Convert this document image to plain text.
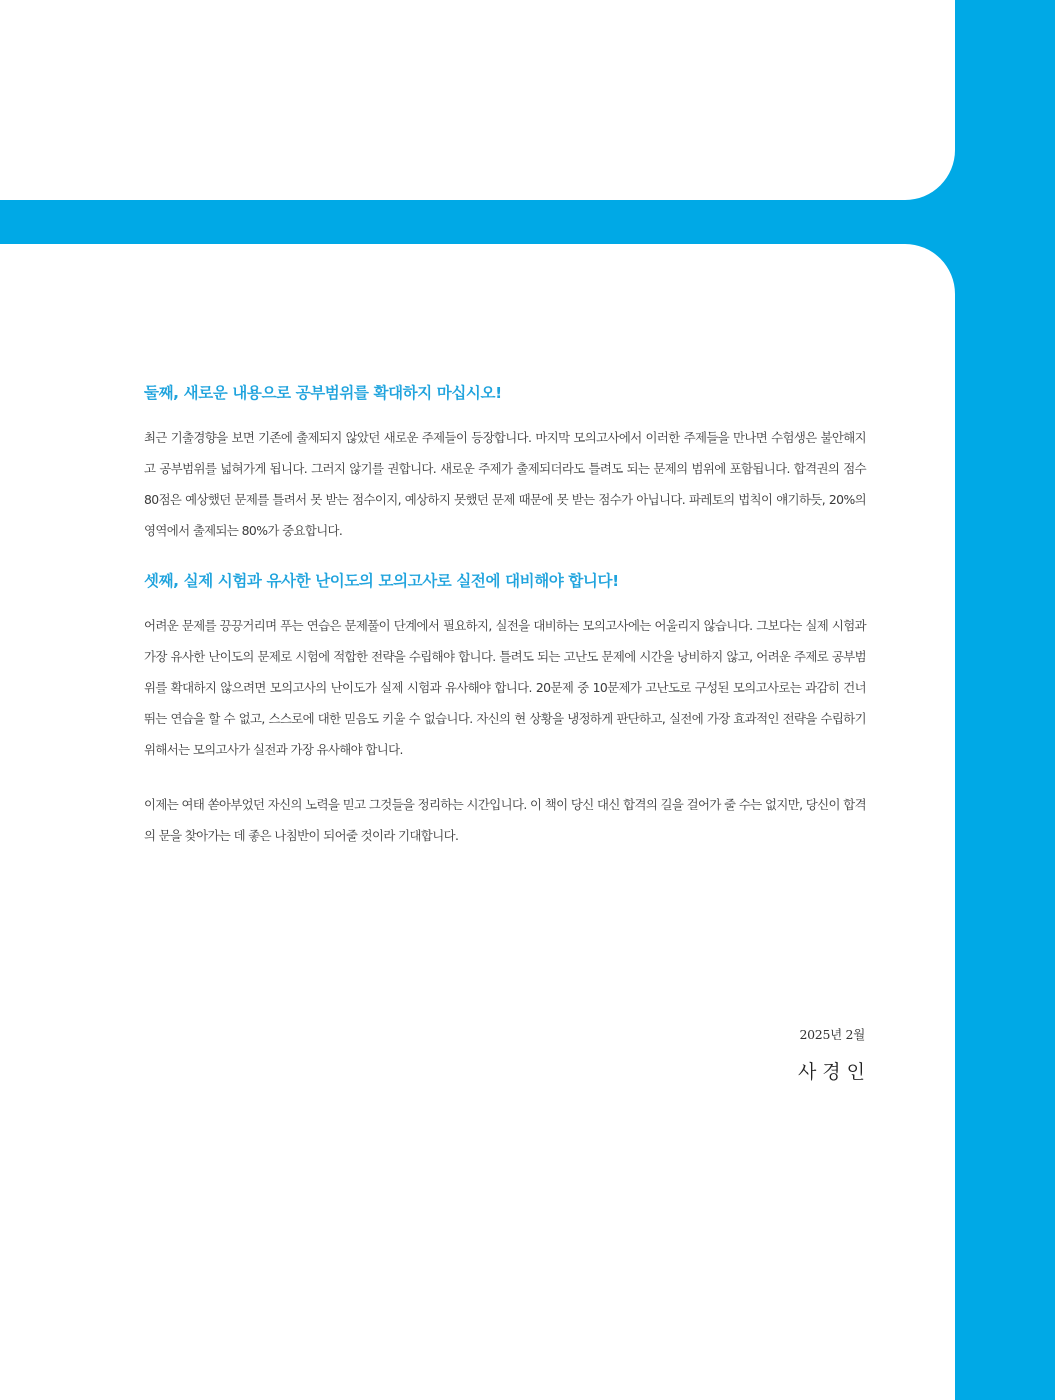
둘째, 새로운 내용으로 공부범위를 확대하지 마십시오!

최근 기출경향을 보면 기존에 출제되지 않았던 새로운 주제들이 등장합니다. 마지막 모의고사에서 이러한 주제들을 만나면 수험생은 불안해지고 공부범위를 넓혀가게 됩니다. 그러지 않기를 권합니다. 새로운 주제가 출제되더라도 틀려도 되는 문제의 범위에 포함됩니다. 합격권의 점수 80점은 예상했던 문제를 틀려서 못 받는 점수이지, 예상하지 못했던 문제 때문에 못 받는 점수가 아닙니다. 파레토의 법칙이 얘기하듯, 20%의 영역에서 출제되는 80%가 중요합니다.

셋째, 실제 시험과 유사한 난이도의 모의고사로 실전에 대비해야 합니다!

어려운 문제를 끙끙거리며 푸는 연습은 문제풀이 단계에서 필요하지, 실전을 대비하는 모의고사에는 어울리지 않습니다. 그보다는 실제 시험과 가장 유사한 난이도의 문제로 시험에 적합한 전략을 수립해야 합니다. 틀려도 되는 고난도 문제에 시간을 낭비하지 않고, 어려운 주제로 공부범위를 확대하지 않으려면 모의고사의 난이도가 실제 시험과 유사해야 합니다. 20문제 중 10문제가 고난도로 구성된 모의고사로는 과감히 건너뛰는 연습을 할 수 없고, 스스로에 대한 믿음도 키울 수 없습니다. 자신의 현 상황을 냉정하게 판단하고, 실전에 가장 효과적인 전략을 수립하기 위해서는 모의고사가 실전과 가장 유사해야 합니다.

이제는 여태 쏟아부었던 자신의 노력을 믿고 그것들을 정리하는 시간입니다. 이 책이 당신 대신 합격의 길을 걸어가 줄 수는 없지만, 당신이 합격의 문을 찾아가는 데 좋은 나침반이 되어줄 것이라 기대합니다.

2025년 2월
사경인
